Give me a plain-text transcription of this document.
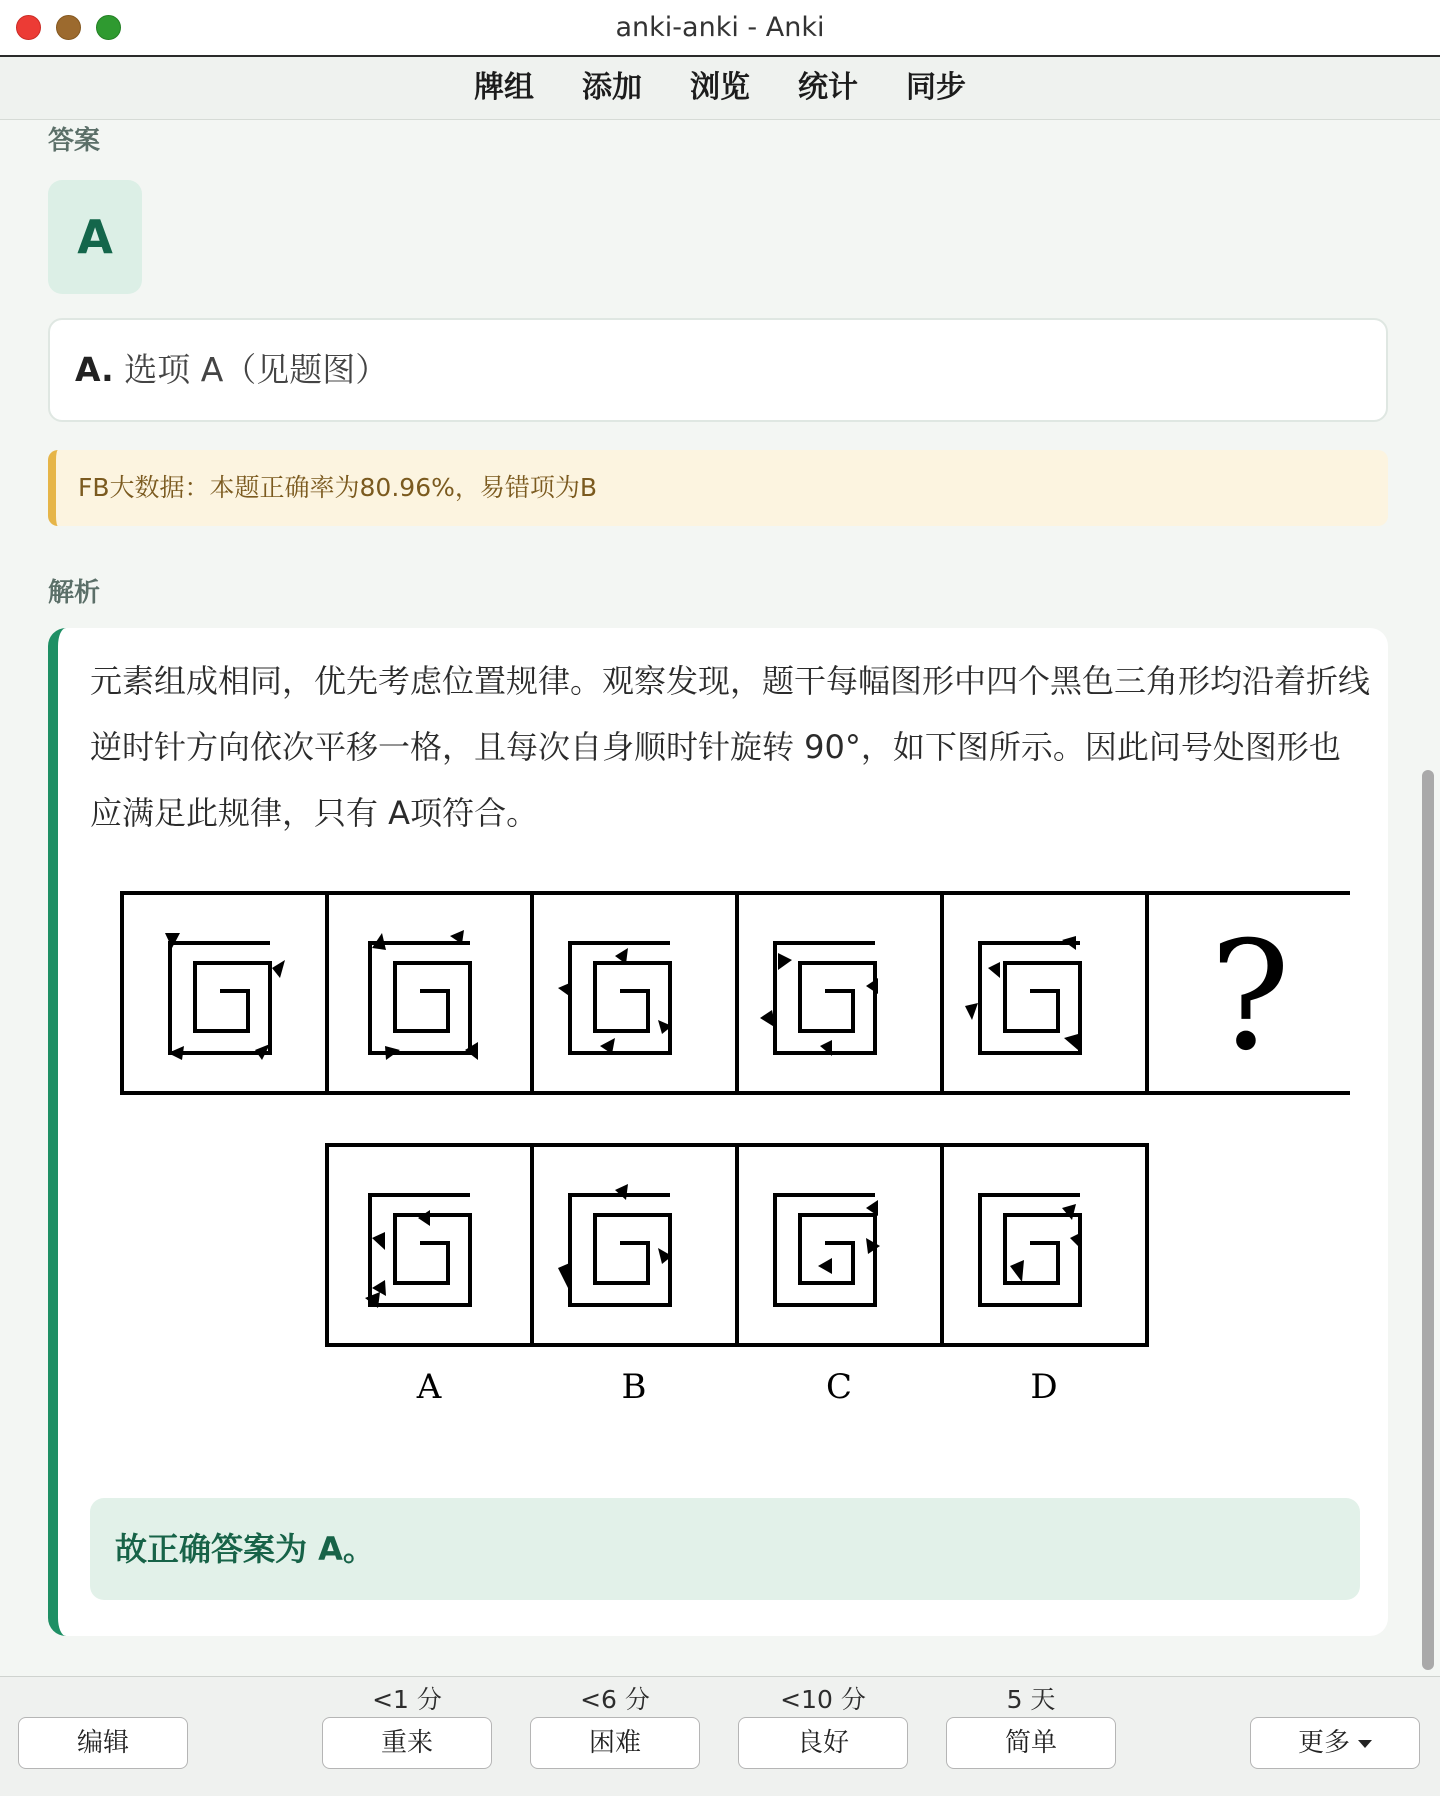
anki-anki - Anki
牌组 添加 浏览 统计 同步
答案
A
A. 选项 A（见题图）
FB大数据：本题正确率为80.96%，易错项为B
解析
元素组成相同，优先考虑位置规律。观察发现，题干每幅图形中四个黑色三角形均沿着折线逆时针方向依次平移一格，且每次自身顺时针旋转 90°，如下图所示。因此问号处图形也应满足此规律，只有 A项符合。
?
A	B	C	D
故正确答案为 A。
<1 分	<6 分	<10 分	5 天
编辑	重来	困难	良好	简单	更多
